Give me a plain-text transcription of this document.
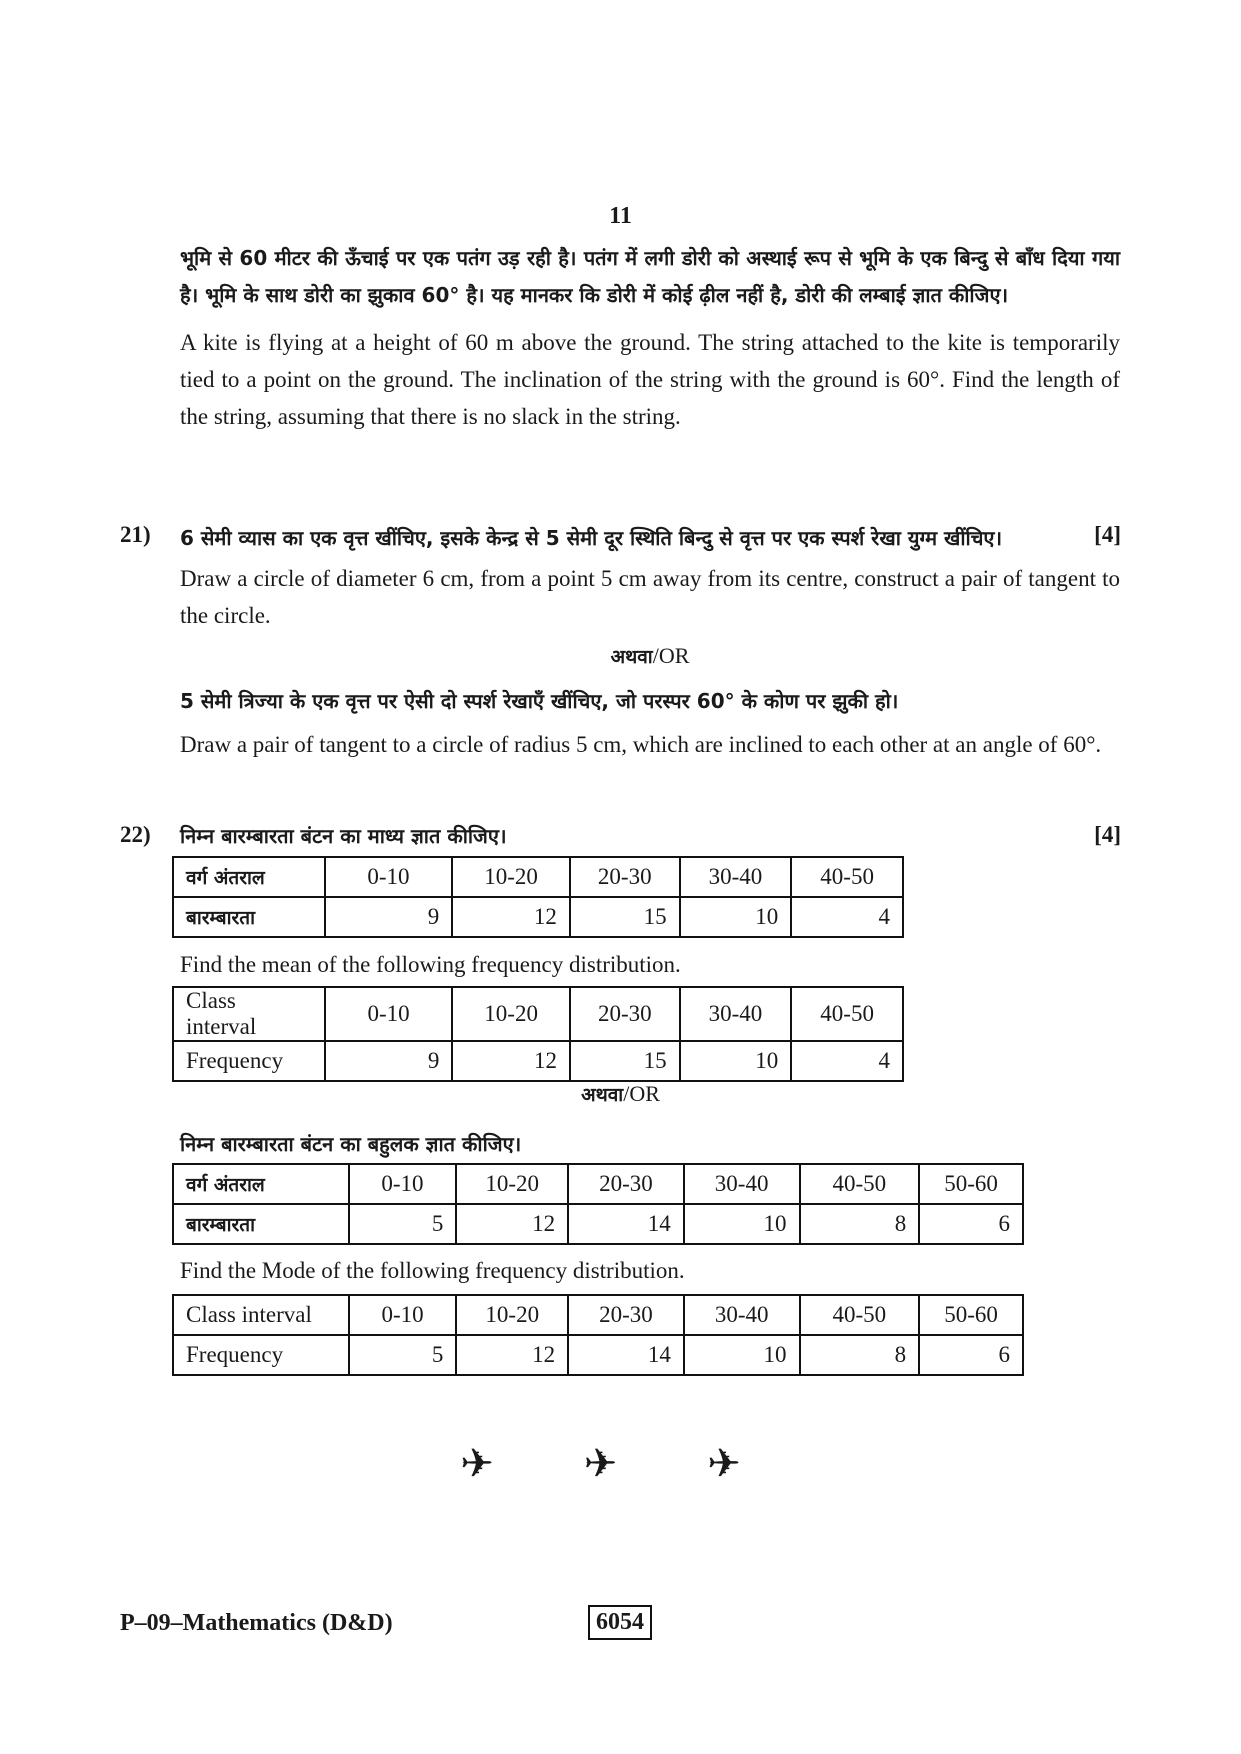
11

भूमि से 60 मीटर की ऊँचाई पर एक पतंग उड़ रही है। पतंग में लगी डोरी को अस्थाई रूप से भूमि के एक बिन्दु से बाँध दिया गया है। भूमि के साथ डोरी का झुकाव 60° है। यह मानकर कि डोरी में कोई ढ़ील नहीं है, डोरी की लम्बाई ज्ञात कीजिए।

A kite is flying at a height of 60 m above the ground. The string attached to the kite is temporarily tied to a point on the ground. The inclination of the string with the ground is 60°. Find the length of the string, assuming that there is no slack in the string.

21)	[4]

6 सेमी व्यास का एक वृत्त खींचिए, इसके केन्द्र से 5 सेमी दूर स्थिति बिन्दु से वृत्त पर एक स्पर्श रेखा युग्म खींचिए।

Draw a circle of diameter 6 cm, from a point 5 cm away from its centre, construct a pair of tangent to the circle.

अथवा/OR

5 सेमी त्रिज्या के एक वृत्त पर ऐसी दो स्पर्श रेखाएँ खींचिए, जो परस्पर 60° के कोण पर झुकी हो।

Draw a pair of tangent to a circle of radius 5 cm, which are inclined to each other at an angle of 60°.

22)	[4]
निम्न बारम्बारता बंटन का माध्य ज्ञात कीजिए।
वर्ग अंतराल	0-10	10-20	20-30	30-40	40-50
बारम्बारता	9	12	15	10	4
Find the mean of the following frequency distribution.
Class interval	0-10	10-20	20-30	30-40	40-50
Frequency	9	12	15	10	4

अथवा/OR

निम्न बारम्बारता बंटन का बहुलक ज्ञात कीजिए।
वर्ग अंतराल	0-10	10-20	20-30	30-40	40-50	50-60
बारम्बारता	5	12	14	10	8	6
Find the Mode of the following frequency distribution.
Class interval	0-10	10-20	20-30	30-40	40-50	50-60
Frequency	5	12	14	10	8	6
✈ ✈ ✈
P–09–Mathematics (D&D)	6054
